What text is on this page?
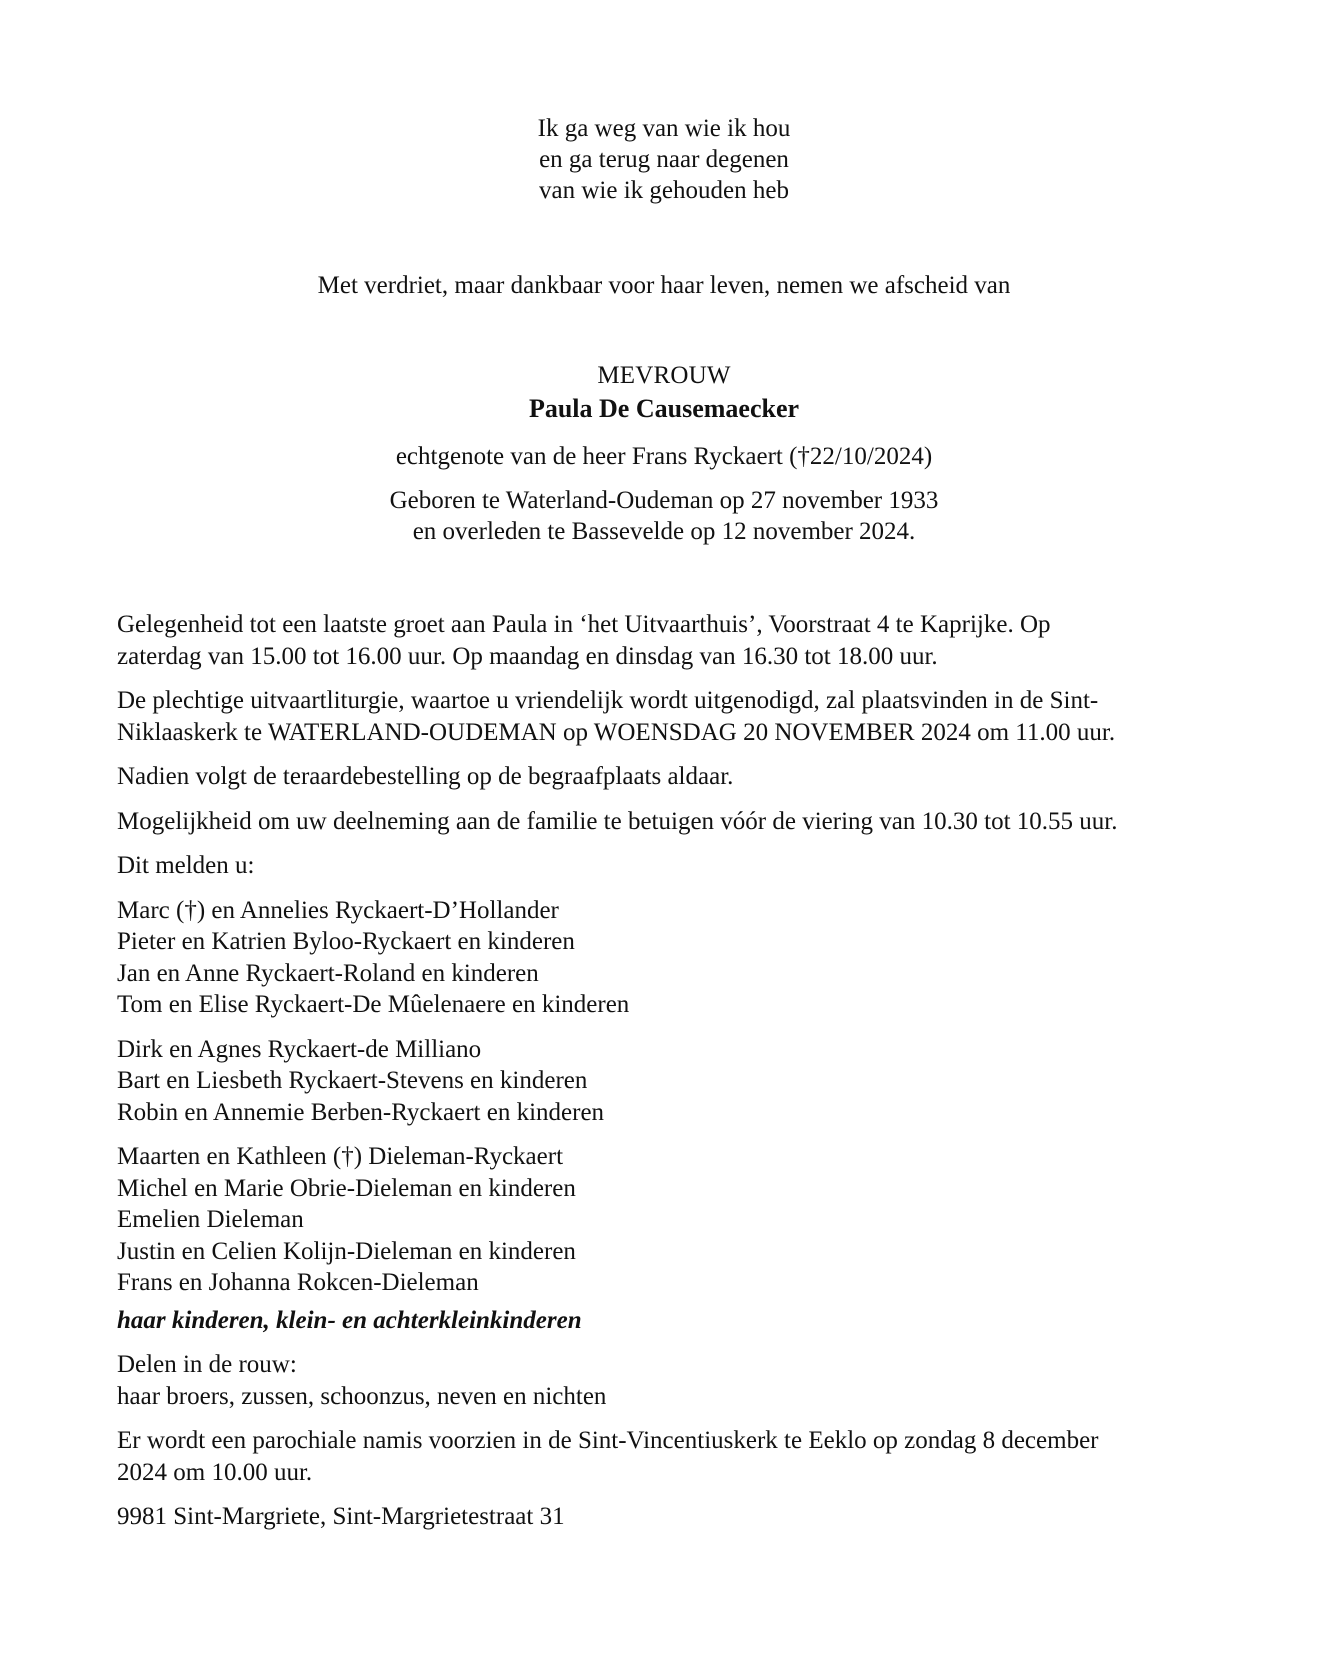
Ik ga weg van wie ik hou
en ga terug naar degenen
van wie ik gehouden heb
Met verdriet, maar dankbaar voor haar leven, nemen we afscheid van
MEVROUW
Paula De Causemaecker
echtgenote van de heer Frans Ryckaert (†22/10/2024)
Geboren te Waterland-Oudeman op 27 november 1933
en overleden te Bassevelde op 12 november 2024.

Gelegenheid tot een laatste groet aan Paula in ‘het Uitvaarthuis’, Voorstraat 4 te Kaprijke. Op
zaterdag van 15.00 tot 16.00 uur. Op maandag en dinsdag van 16.30 tot 18.00 uur.

De plechtige uitvaartliturgie, waartoe u vriendelijk wordt uitgenodigd, zal plaatsvinden in de Sint-
Niklaaskerk te WATERLAND-OUDEMAN op WOENSDAG 20 NOVEMBER 2024 om 11.00 uur.

Nadien volgt de teraardebestelling op de begraafplaats aldaar.

Mogelijkheid om uw deelneming aan de familie te betuigen vóór de viering van 10.30 tot 10.55 uur.

Dit melden u:

Marc (†) en Annelies Ryckaert-D’Hollander
Pieter en Katrien Byloo-Ryckaert en kinderen
Jan en Anne Ryckaert-Roland en kinderen
Tom en Elise Ryckaert-De Mûelenaere en kinderen
Dirk en Agnes Ryckaert-de Milliano
Bart en Liesbeth Ryckaert-Stevens en kinderen
Robin en Annemie Berben-Ryckaert en kinderen
Maarten en Kathleen (†) Dieleman-Ryckaert
Michel en Marie Obrie-Dieleman en kinderen
Emelien Dieleman
Justin en Celien Kolijn-Dieleman en kinderen
Frans en Johanna Rokcen-Dieleman

haar kinderen, klein- en achterkleinkinderen

Delen in de rouw:
haar broers, zussen, schoonzus, neven en nichten

Er wordt een parochiale namis voorzien in de Sint-Vincentiuskerk te Eeklo op zondag 8 december
2024 om 10.00 uur.

9981 Sint-Margriete, Sint-Margrietestraat 31
